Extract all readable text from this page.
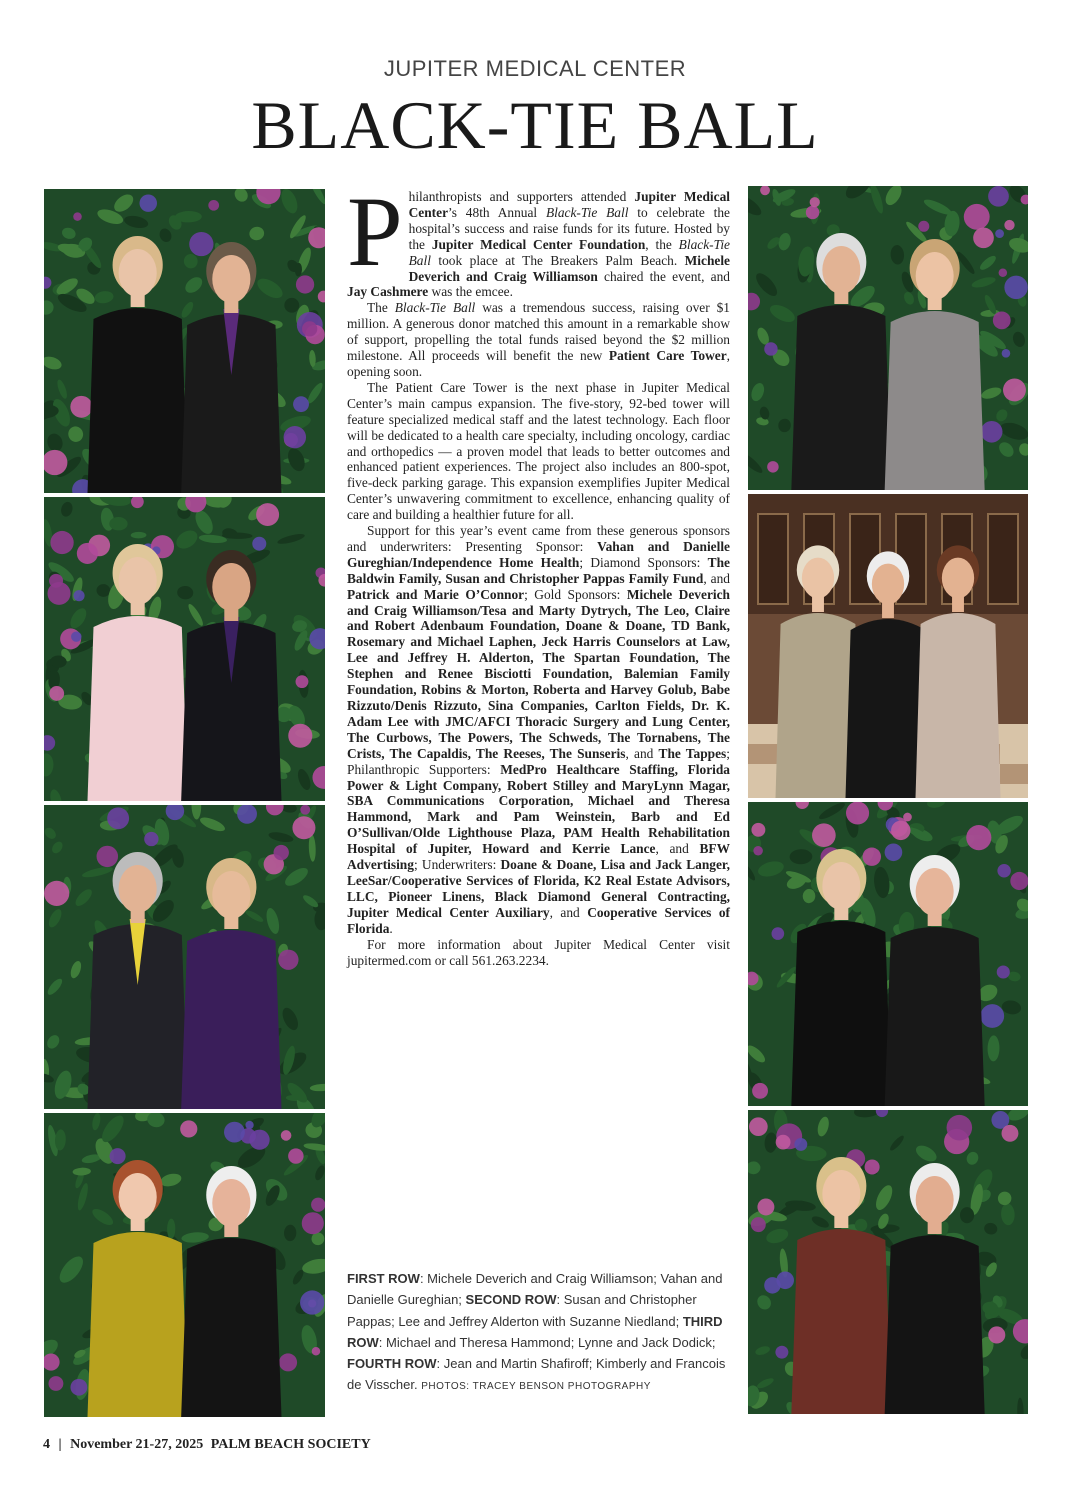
JUPITER MEDICAL CENTER
BLACK-TIE BALL

P hilanthropists and supporters attended Jupiter Medical Center’s 48th Annual Black-Tie Ball to celebrate the hospital’s success and raise funds for its future. Hosted by the Jupiter Medical Center Foundation, the Black-Tie Ball took place at The Breakers Palm Beach. Michele Deverich and Craig Williamson chaired the event, and Jay Cashmere was the emcee.

The Black-Tie Ball was a tremendous success, raising over $1 million. A generous donor matched this amount in a remarkable show of support, propelling the total funds raised beyond the $2 million milestone. All proceeds will benefit the new Patient Care Tower, opening soon.

The Patient Care Tower is the next phase in Jupiter Medical Center’s main campus expansion. The five-story, 92-bed tower will feature specialized medical staff and the latest technology. Each floor will be dedicated to a health care specialty, including oncology, cardiac and orthopedics — a proven model that leads to better outcomes and enhanced patient experiences. The project also includes an 800-spot, five-deck parking garage. This expansion exemplifies Jupiter Medical Center’s unwavering commitment to excellence, enhancing quality of care and building a healthier future for all.

Support for this year’s event came from these generous sponsors and underwriters: Presenting Sponsor: Vahan and Danielle Gureghian/Independence Home Health; Diamond Sponsors: The Baldwin Family, Susan and Christopher Pappas Family Fund, and Patrick and Marie O’Connor; Gold Sponsors: Michele Deverich and Craig Williamson/Tesa and Marty Dytrych, The Leo, Claire and Robert Adenbaum Foundation, Doane & Doane, TD Bank, Rosemary and Michael Laphen, Jeck Harris Counselors at Law, Lee and Jeffrey H. Alderton, The Spartan Foundation, The Stephen and Renee Bisciotti Foundation, Balemian Family Foundation, Robins & Morton, Roberta and Harvey Golub, Babe Rizzuto/Denis Rizzuto, Sina Companies, Carlton Fields, Dr. K. Adam Lee with JMC/AFCI Thoracic Surgery and Lung Center, The Curbows, The Powers, The Schweds, The Tornabens, The Crists, The Capaldis, The Reeses, The Sunseris, and The Tappes; Philanthropic Supporters: MedPro Healthcare Staffing, Florida Power & Light Company, Robert Stilley and MaryLynn Magar, SBA Communications Corporation, Michael and Theresa Hammond, Mark and Pam Weinstein, Barb and Ed O’Sullivan/Olde Lighthouse Plaza, PAM Health Rehabilitation Hospital of Jupiter, Howard and Kerrie Lance, and BFW Advertising; Underwriters: Doane & Doane, Lisa and Jack Langer, LeeSar/Cooperative Services of Florida, K2 Real Estate Advisors, LLC, Pioneer Linens, Black Diamond General Contracting, Jupiter Medical Center Auxiliary, and Cooperative Services of Florida.

For more information about Jupiter Medical Center visit jupitermed.com or call 561.263.2234.

FIRST ROW: Michele Deverich and Craig Williamson; Vahan and Danielle Gureghian; SECOND ROW: Susan and Christopher Pappas; Lee and Jeffrey Alderton with Suzanne Niedland; THIRD ROW: Michael and Theresa Hammond; Lynne and Jack Dodick; FOURTH ROW: Jean and Martin Shafiroff; Kimberly and Francois de Visscher. PHOTOS: TRACEY BENSON PHOTOGRAPHY
4 | November 21-27, 2025 PALM BEACH SOCIETY
